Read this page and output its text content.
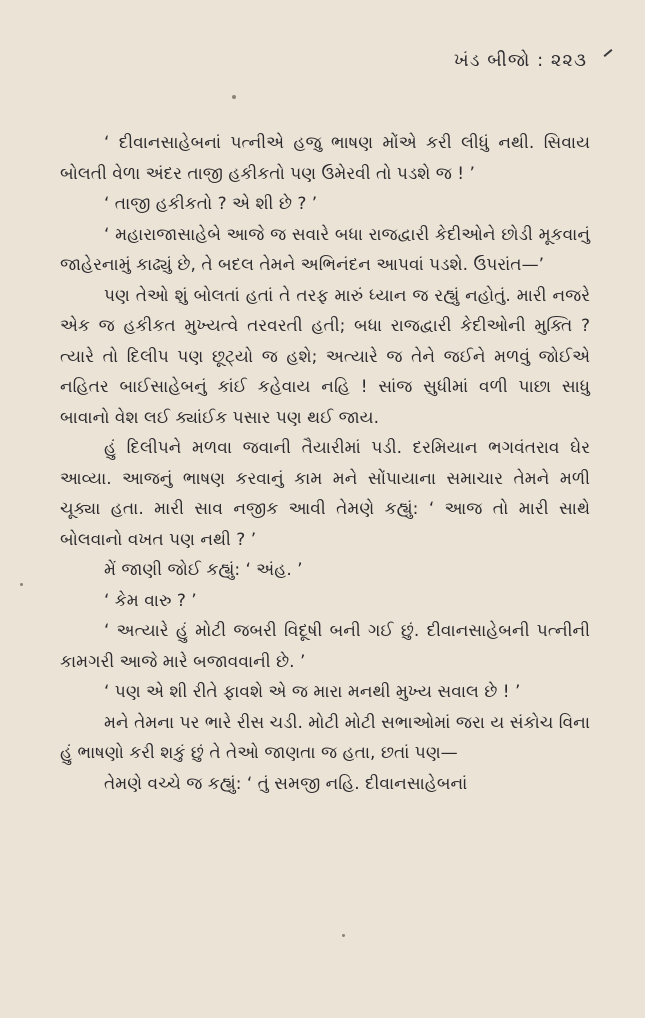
ખંડ બીજો : ૨૨૩

‘ દીવાનસાહેબનાં પત્નીએ હજુ ભાષણ મોંએ કરી લીધું નથી. સિવાય બોલતી વેળા અંદર તાજી હકીકતો પણ ઉમેરવી તો પડશે જ ! ’

‘ તાજી હકીકતો ? એ શી છે ? ’

‘ મહારાજાસાહેબે આજે જ સવારે બધા રાજદ્વારી કેદીઓને છોડી મૂકવાનું જાહેરનામું કાઢ્યું છે, તે બદલ તેમને અભિનંદન આપવાં પડશે. ઉપરાંત—’

પણ તેઓ શું બોલતાં હતાં તે તરફ મારું ધ્યાન જ રહ્યું નહોતું. મારી નજરે એક જ હકીકત મુખ્યત્વે તરવરતી હતી; બધા રાજદ્વારી કેદીઓની મુક્તિ ? ત્યારે તો દિલીપ પણ છૂટ્યો જ હશે; અત્યારે જ તેને જઈને મળવું જોઈએ નહિતર બાઈસાહેબનું કાંઈ કહેવાય નહિ ! સાંજ સુધીમાં વળી પાછા સાધુ બાવાનો વેશ લઈ ક્યાંઈક પસાર પણ થઈ જાય.

હું દિલીપને મળવા જવાની તૈયારીમાં પડી. દરમિયાન ભગવંતરાવ ઘેર આવ્યા. આજનું ભાષણ કરવાનું કામ મને સોંપાયાના સમાચાર તેમને મળી ચૂક્યા હતા. મારી સાવ નજીક આવી તેમણે કહ્યું: ‘ આજ તો મારી સાથે બોલવાનો વખત પણ નથી ? ’

મેં જાણી જોઈ કહ્યું: ‘ અંહ. ’

‘ કેમ વારુ ? ’

‘ અત્યારે હું મોટી જબરી વિદૂષી બની ગઈ છું. દીવાનસાહેબની પત્નીની કામગરી આજે મારે બજાવવાની છે. ’

‘ પણ એ શી રીતે ફાવશે એ જ મારા મનથી મુખ્ય સવાલ છે ! ’

મને તેમના પર ભારે રીસ ચડી. મોટી મોટી સભાઓમાં જરા ય સંકોચ વિના હું ભાષણો કરી શકું છું તે તેઓ જાણતા જ હતા, છતાં પણ—

તેમણે વચ્ચે જ કહ્યું: ‘ તું સમજી નહિ. દીવાનસાહેબનાં
